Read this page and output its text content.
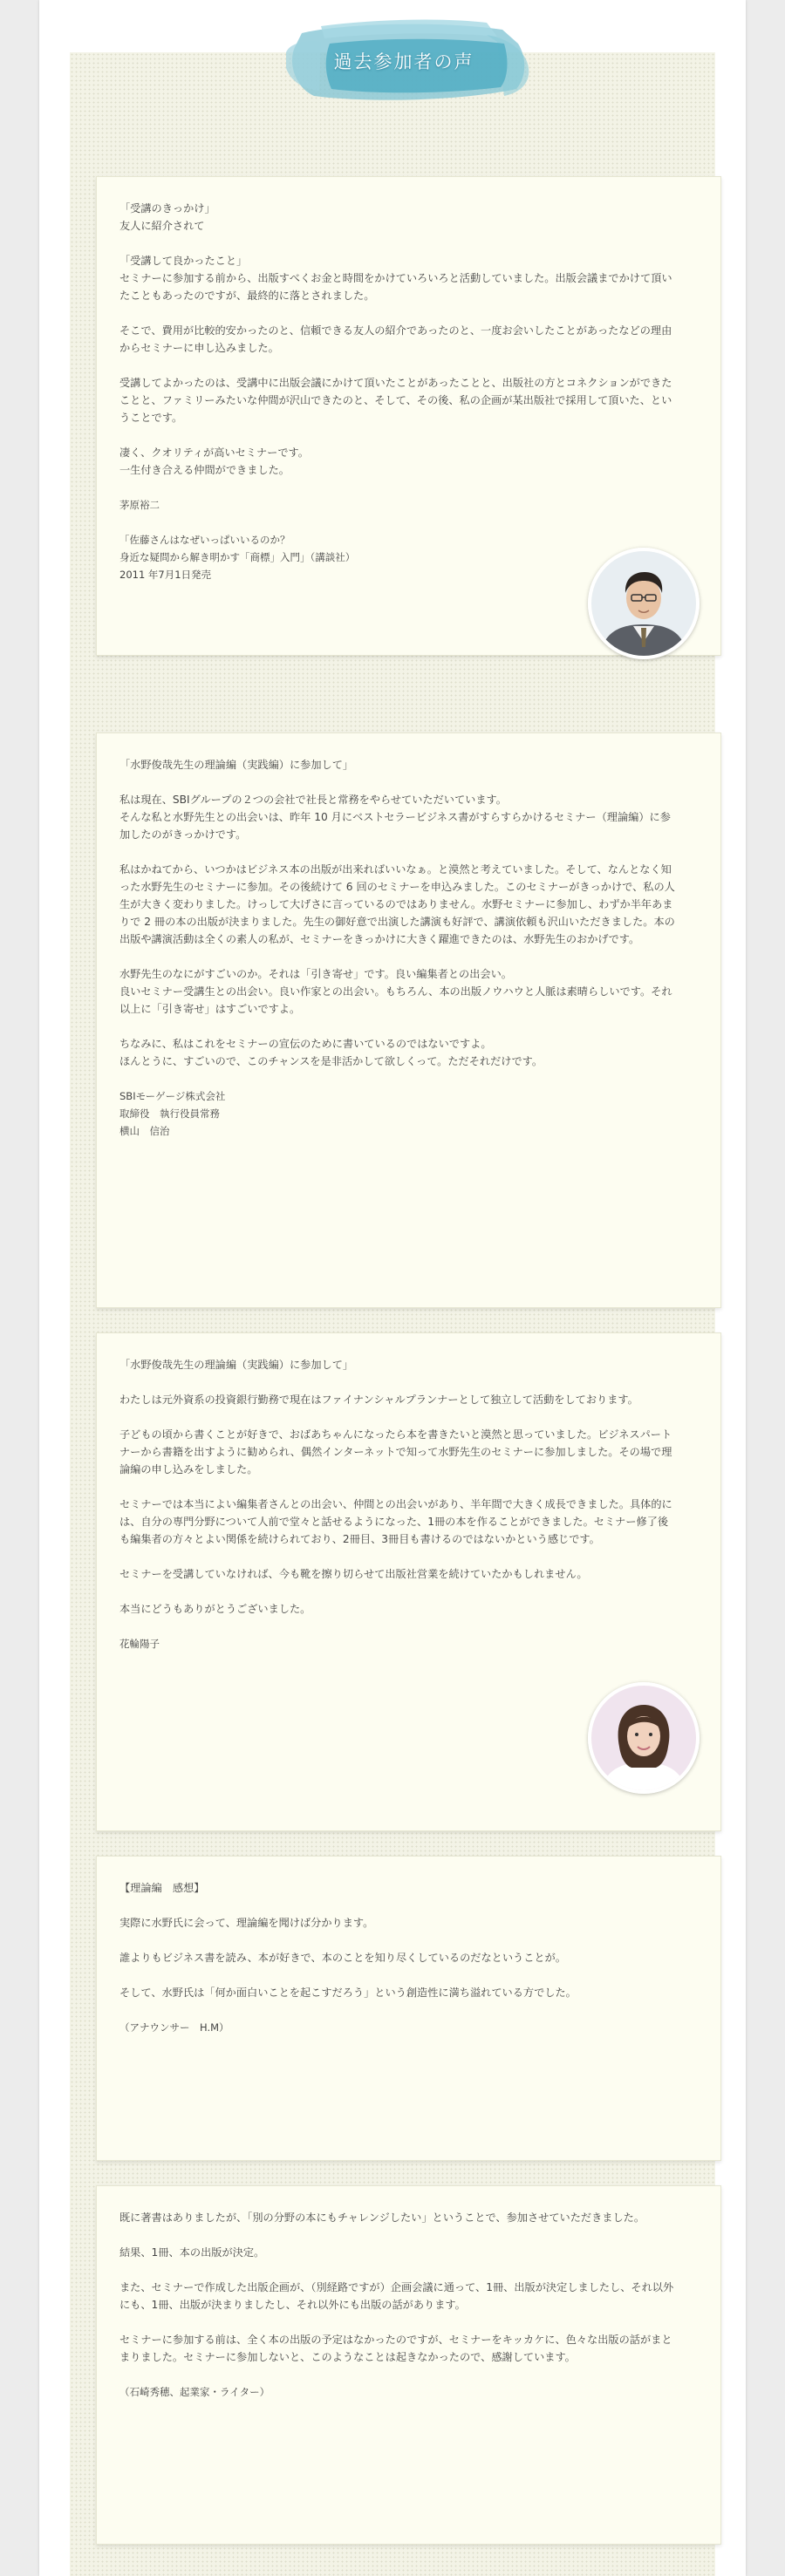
過去参加者の声

「受講のきっかけ」
友人に紹介されて

「受講して良かったこと」
セミナーに参加する前から、出版すべくお金と時間をかけていろいろと活動していました。出版会議までかけて頂いたこともあったのですが、最終的に落とされました。

そこで、費用が比較的安かったのと、信頼できる友人の紹介であったのと、一度お会いしたことがあったなどの理由からセミナーに申し込みました。

受講してよかったのは、受講中に出版会議にかけて頂いたことがあったことと、出版社の方とコネクションができたことと、ファミリーみたいな仲間が沢山できたのと、そして、その後、私の企画が某出版社で採用して頂いた、ということです。

凄く、クオリティが高いセミナーです。
一生付き合える仲間ができました。

茅原裕二

「佐藤さんはなぜいっぱいいるのか？
身近な疑問から解き明かす「商標」入門」（講談社）
2011 年7月1日発売

「水野俊哉先生の理論編（実践編）に参加して」

私は現在、SBIグループの２つの会社で社長と常務をやらせていただいています。
そんな私と水野先生との出会いは、昨年 10 月にベストセラービジネス書がすらすらかけるセミナー（理論編）に参加したのがきっかけです。

私はかねてから、いつかはビジネス本の出版が出来ればいいなぁ。と漠然と考えていました。そして、なんとなく知った水野先生のセミナーに参加。その後続けて 6 回のセミナーを申込みました。このセミナーがきっかけで、私の人生が大きく変わりました。けっして大げさに言っているのではありません。水野セミナーに参加し、わずか半年あまりで 2 冊の本の出版が決まりました。先生の御好意で出演した講演も好評で、講演依頼も沢山いただきました。本の出版や講演活動は全くの素人の私が、セミナーをきっかけに大きく躍進できたのは、水野先生のおかげです。

水野先生のなにがすごいのか。それは「引き寄せ」です。良い編集者との出会い。
良いセミナー受講生との出会い。良い作家との出会い。もちろん、本の出版ノウハウと人脈は素晴らしいです。それ以上に「引き寄せ」はすごいですよ。

ちなみに、私はこれをセミナーの宣伝のために書いているのではないですよ。
ほんとうに、すごいので、このチャンスを是非活かして欲しくって。ただそれだけです。

SBIモーゲージ株式会社
取締役　執行役員常務
横山　信治

「水野俊哉先生の理論編（実践編）に参加して」

わたしは元外資系の投資銀行勤務で現在はファイナンシャルプランナーとして独立して活動をしております。

子どもの頃から書くことが好きで、おばあちゃんになったら本を書きたいと漠然と思っていました。ビジネスパートナーから書籍を出すように勧められ、偶然インターネットで知って水野先生のセミナーに参加しました。その場で理論編の申し込みをしました。

セミナーでは本当によい編集者さんとの出会い、仲間との出会いがあり、半年間で大きく成長できました。具体的には、自分の専門分野について人前で堂々と話せるようになった、1冊の本を作ることができました。セミナー修了後も編集者の方々とよい関係を続けられており、2冊目、3冊目も書けるのではないかという感じです。

セミナーを受講していなければ、今も靴を擦り切らせて出版社営業を続けていたかもしれません。

本当にどうもありがとうございました。

花輪陽子

【理論編　感想】

実際に水野氏に会って、理論編を聞けば分かります。

誰よりもビジネス書を読み、本が好きで、本のことを知り尽くしているのだなということが。

そして、水野氏は「何か面白いことを起こすだろう」という創造性に満ち溢れている方でした。

（アナウンサー　H.M）

既に著書はありましたが、「別の分野の本にもチャレンジしたい」ということで、参加させていただきました。

結果、1冊、本の出版が決定。

また、セミナーで作成した出版企画が、（別経路ですが）企画会議に通って、1冊、出版が決定しましたし、それ以外にも、1冊、出版が決まりましたし、それ以外にも出版の話があります。

セミナーに参加する前は、全く本の出版の予定はなかったのですが、セミナーをキッカケに、色々な出版の話がまとまりました。セミナーに参加しないと、このようなことは起きなかったので、感謝しています。

（石崎秀穂、起業家・ライター）
